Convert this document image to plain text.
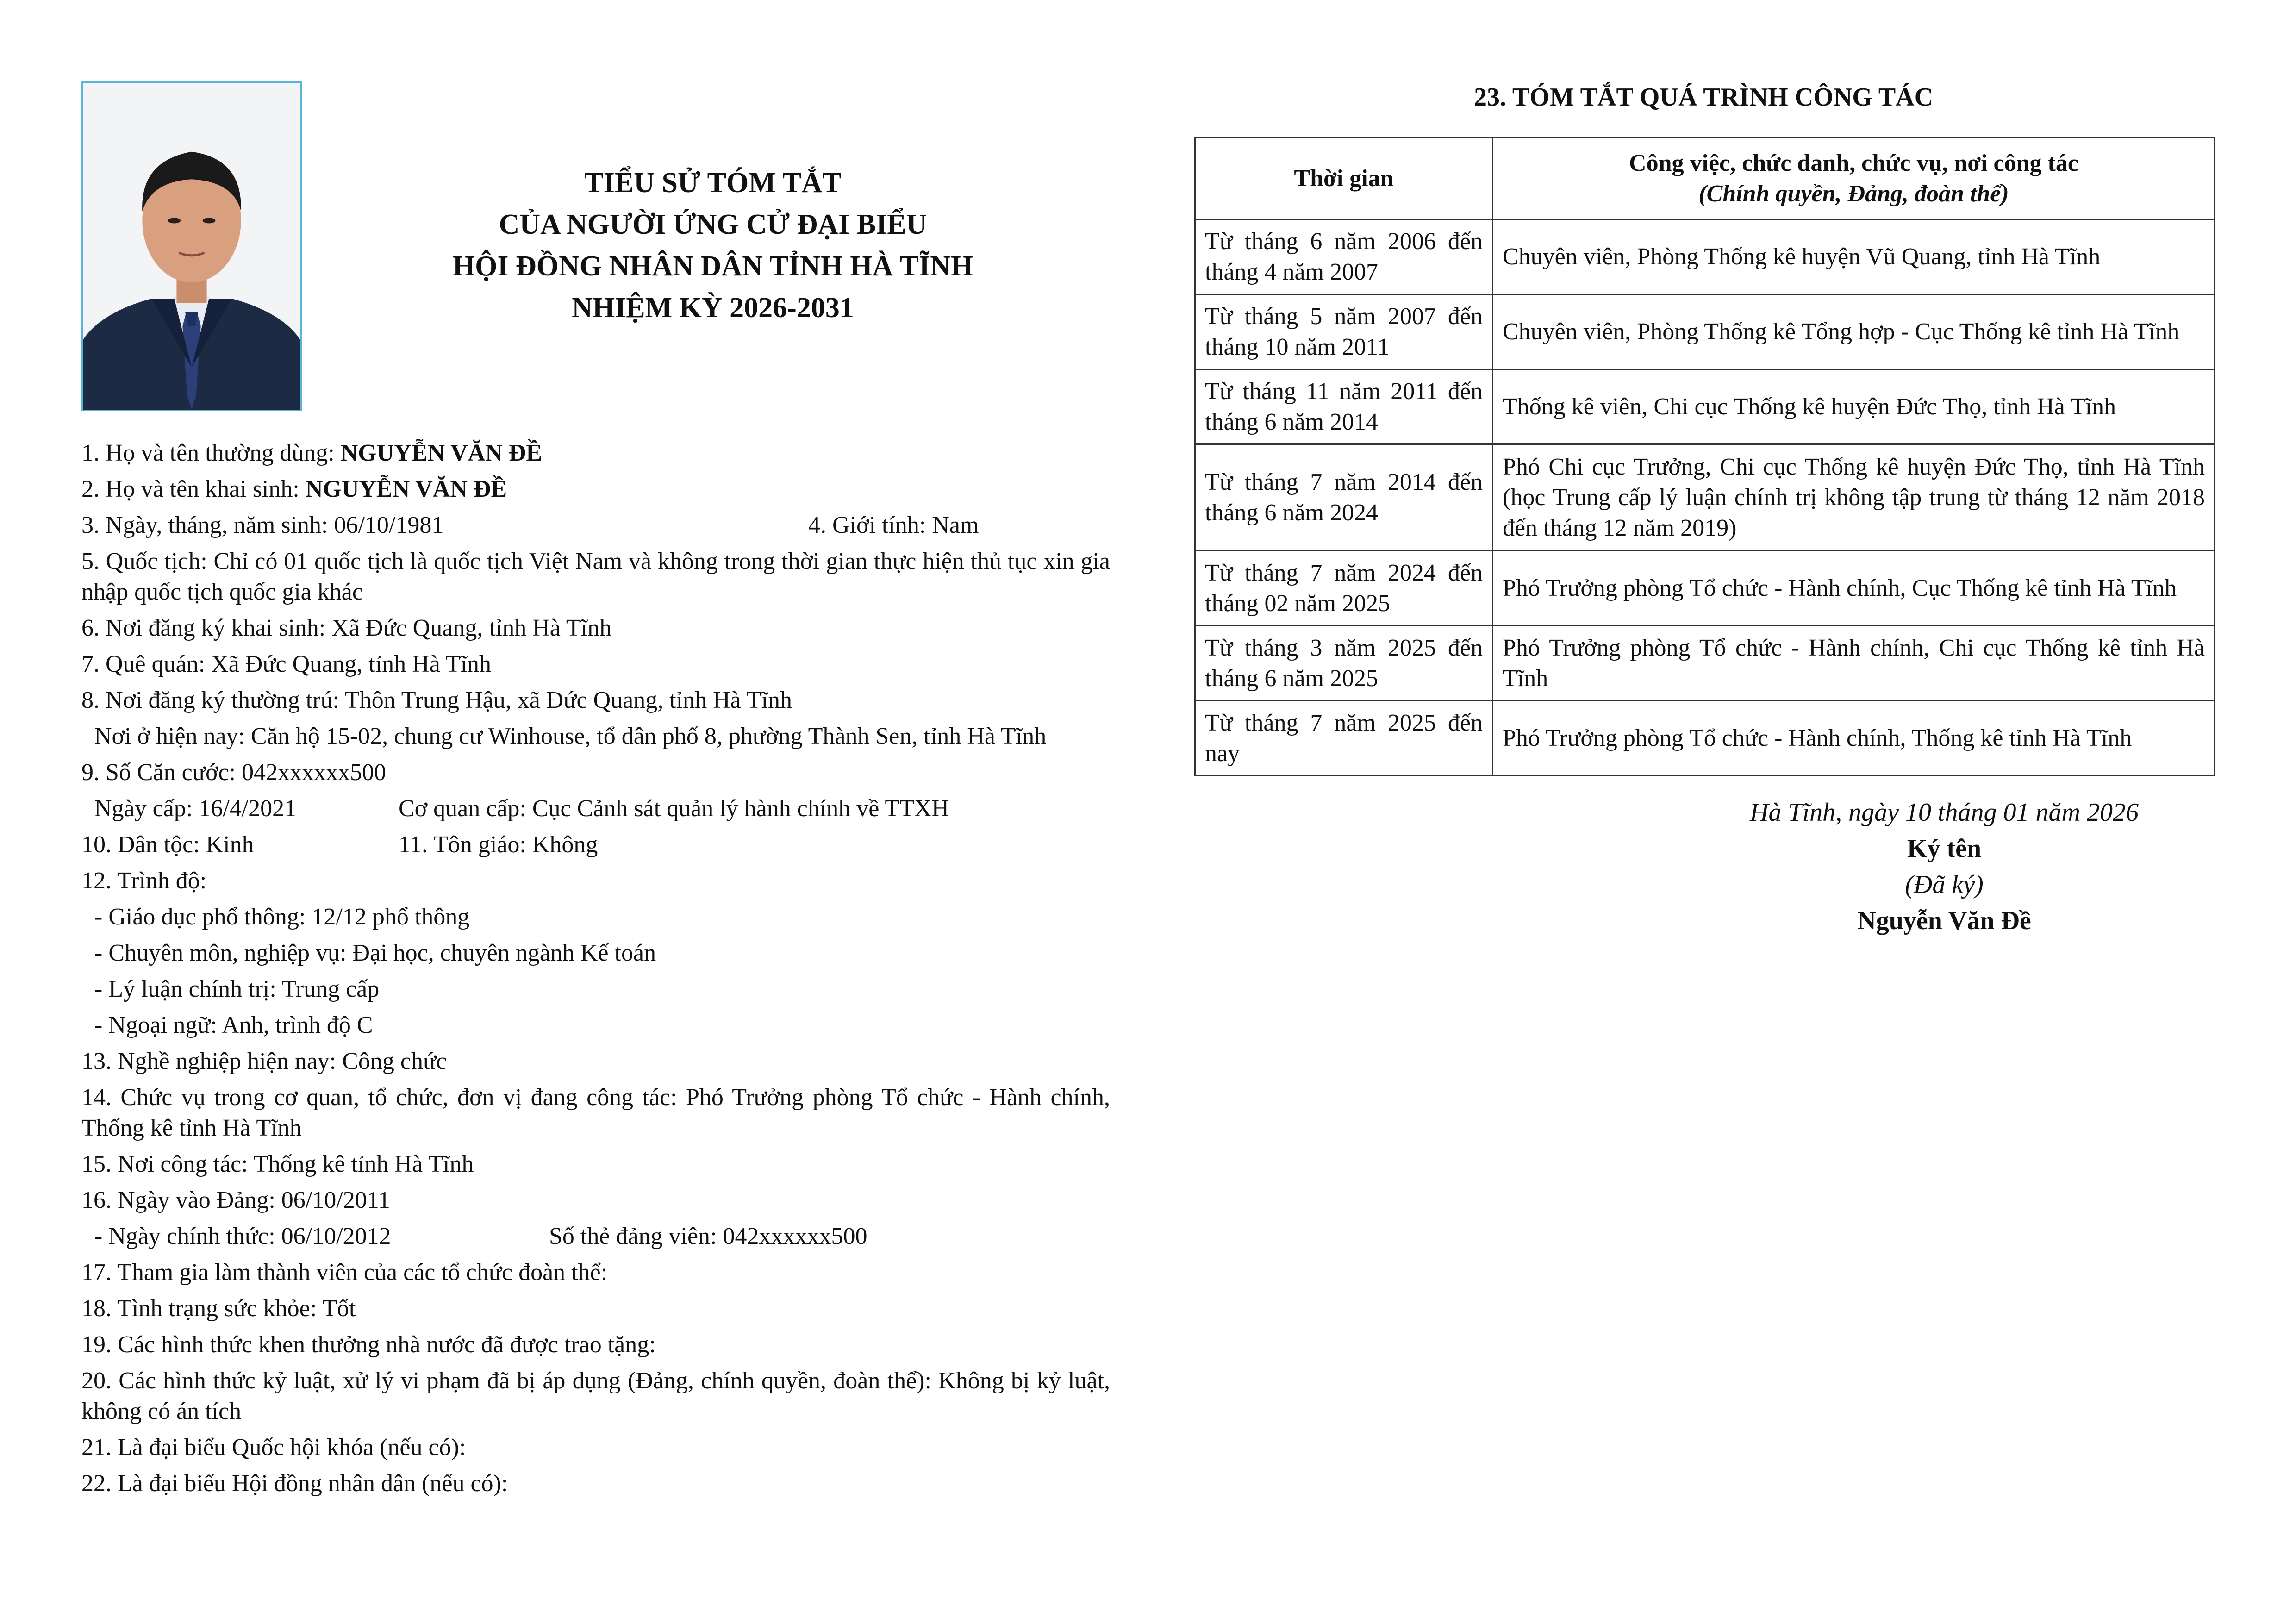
TIỂU SỬ TÓM TẮT
CỦA NGƯỜI ỨNG CỬ ĐẠI BIỂU
HỘI ĐỒNG NHÂN DÂN TỈNH HÀ TĨNH
NHIỆM KỲ 2026-2031
1. Họ và tên thường dùng: NGUYỄN VĂN ĐỀ
2. Họ và tên khai sinh: NGUYỄN VĂN ĐỀ
3. Ngày, tháng, năm sinh: 06/10/1981	4. Giới tính: Nam
5. Quốc tịch: Chỉ có 01 quốc tịch là quốc tịch Việt Nam và không trong thời gian thực hiện thủ tục xin gia nhập quốc tịch quốc gia khác
6. Nơi đăng ký khai sinh: Xã Đức Quang, tỉnh Hà Tĩnh
7. Quê quán: Xã Đức Quang, tỉnh Hà Tĩnh
8. Nơi đăng ký thường trú: Thôn Trung Hậu, xã Đức Quang, tỉnh Hà Tĩnh
Nơi ở hiện nay: Căn hộ 15-02, chung cư Winhouse, tổ dân phố 8, phường Thành Sen, tỉnh Hà Tĩnh
9. Số Căn cước: 042xxxxxx500
Ngày cấp: 16/4/2021	Cơ quan cấp: Cục Cảnh sát quản lý hành chính về TTXH
10. Dân tộc: Kinh	11. Tôn giáo: Không
12. Trình độ:
- Giáo dục phổ thông: 12/12 phổ thông
- Chuyên môn, nghiệp vụ: Đại học, chuyên ngành Kế toán
- Lý luận chính trị: Trung cấp
- Ngoại ngữ: Anh, trình độ C
13. Nghề nghiệp hiện nay: Công chức
14. Chức vụ trong cơ quan, tổ chức, đơn vị đang công tác: Phó Trưởng phòng Tổ chức - Hành chính, Thống kê tỉnh Hà Tĩnh
15. Nơi công tác: Thống kê tỉnh Hà Tĩnh
16. Ngày vào Đảng: 06/10/2011
- Ngày chính thức: 06/10/2012	Số thẻ đảng viên: 042xxxxxx500
17. Tham gia làm thành viên của các tổ chức đoàn thể:
18. Tình trạng sức khỏe: Tốt
19. Các hình thức khen thưởng nhà nước đã được trao tặng:
20. Các hình thức kỷ luật, xử lý vi phạm đã bị áp dụng (Đảng, chính quyền, đoàn thể): Không bị kỷ luật, không có án tích
21. Là đại biểu Quốc hội khóa (nếu có):
22. Là đại biểu Hội đồng nhân dân (nếu có):
23. TÓM TẮT QUÁ TRÌNH CÔNG TÁC
Thời gian	Công việc, chức danh, chức vụ, nơi công tác
(Chính quyền, Đảng, đoàn thể)

Từ tháng 6 năm 2006 đến tháng 4 năm 2007	Chuyên viên, Phòng Thống kê huyện Vũ Quang, tỉnh Hà Tĩnh
Từ tháng 5 năm 2007 đến tháng 10 năm 2011	Chuyên viên, Phòng Thống kê Tổng hợp - Cục Thống kê tỉnh Hà Tĩnh
Từ tháng 11 năm 2011 đến tháng 6 năm 2014	Thống kê viên, Chi cục Thống kê huyện Đức Thọ, tỉnh Hà Tĩnh
Từ tháng 7 năm 2014 đến tháng 6 năm 2024	Phó Chi cục Trưởng, Chi cục Thống kê huyện Đức Thọ, tỉnh Hà Tĩnh (học Trung cấp lý luận chính trị không tập trung từ tháng 12 năm 2018 đến tháng 12 năm 2019)
Từ tháng 7 năm 2024 đến tháng 02 năm 2025	Phó Trưởng phòng Tổ chức - Hành chính, Cục Thống kê tỉnh Hà Tĩnh
Từ tháng 3 năm 2025 đến tháng 6 năm 2025	Phó Trưởng phòng Tổ chức - Hành chính, Chi cục Thống kê tỉnh Hà Tĩnh
Từ tháng 7 năm 2025 đến nay	Phó Trưởng phòng Tổ chức - Hành chính, Thống kê tỉnh Hà Tĩnh
Hà Tĩnh, ngày 10 tháng 01 năm 2026
Ký tên
(Đã ký)
Nguyễn Văn Đề
